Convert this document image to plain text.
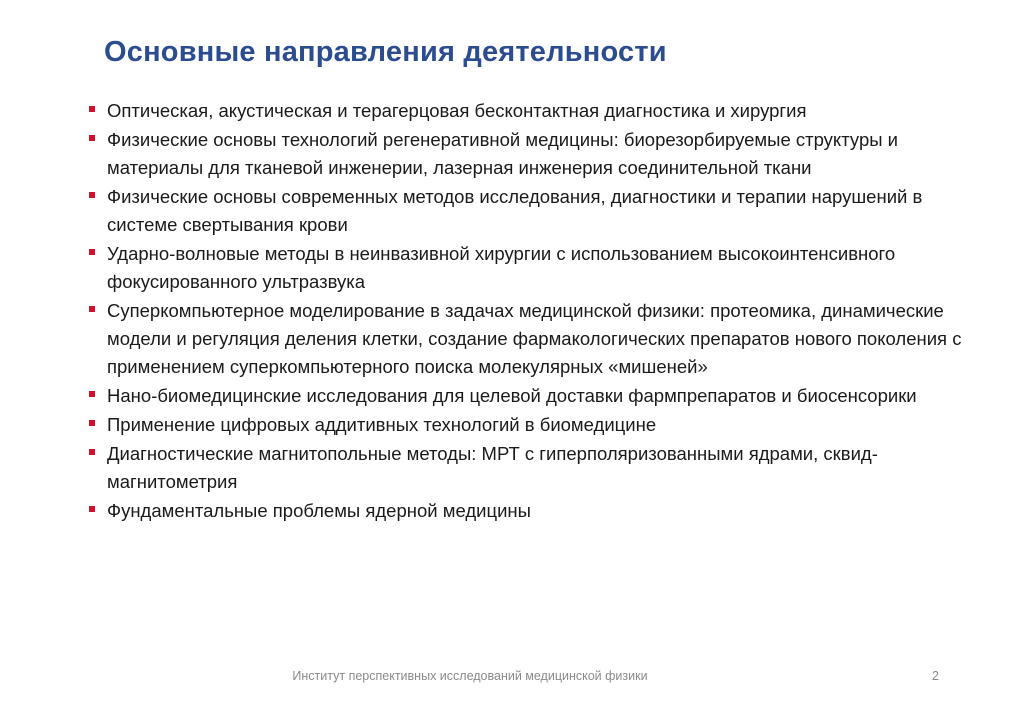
Основные направления деятельности
Оптическая, акустическая и терагерцовая бесконтактная диагностика и хирургия
Физические основы технологий регенеративной медицины: биорезорбируемые структуры и материалы для тканевой инженерии, лазерная инженерия соединительной ткани
Физические основы современных методов исследования, диагностики и терапии нарушений в системе свертывания крови
Ударно-волновые методы в неинвазивной хирургии с использованием высокоинтенсивного фокусированного ультразвука
Суперкомпьютерное моделирование в задачах медицинской физики: протеомика, динамические модели и регуляция деления клетки, создание фармакологических препаратов нового поколения с применением суперкомпьютерного поиска молекулярных «мишеней»
Нано-биомедицинские исследования для целевой доставки фармпрепаратов и биосенсорики
Применение цифровых аддитивных технологий в биомедицине
Диагностические магнитопольные методы: МРТ с гиперполяризованными ядрами, сквид-магнитометрия
Фундаментальные проблемы ядерной медицины
Институт перспективных исследований медицинской физики	2
